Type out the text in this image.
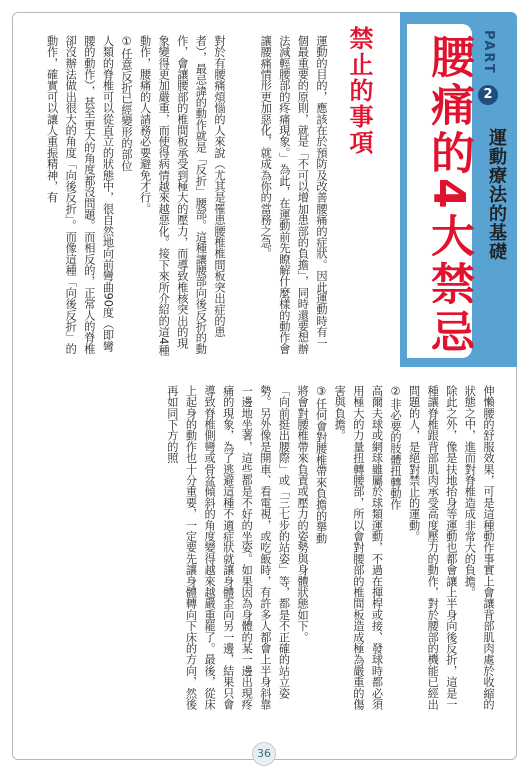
PART 2
運動療法的基礎
腰痛的4大禁忌
禁止的事項

運動的目的，應該在於預防及改善腰痛的症狀。因此運動時有一個最重要的原則，就是「不可以增加患部的負擔」，同時還要想辦法減輕腰部的疼痛現象。」為此，在運動前先瞭解什麼樣的動作會讓腰痛情形更加惡化，就成為你的當務之急。

對於有腰痛煩惱的人來說（尤其是罹患腰椎椎間板突出症的患者），最忌諱的動作就是「反折」腰部。這種讓腰部向後反折的動作，會讓腰部的椎間板承受到極大的壓力，而導致椎核突出的現象變得更加嚴重，而使得病情越來越惡化。接下來所介紹的這4種動作，腰痛的人請務必要避免才行。

①任意反折已經變形的部位

人類的脊椎可以從直立的狀態中，很自然地向前彎曲90度（即彎腰的動作），甚至更大的角度都沒問題。而相反的，正常人的脊椎卻沒辦法做出很大的角度「向後反折」。而像這種「向後反折」的動作，確實可以讓人重振精神，有

伸懶腰的舒服效果，可是這種動作事實上會讓背部肌肉處於收縮的狀態之中，進而對脊椎造成非常大的負擔。

除此之外，像是扶地抬身等運動也都會讓上半身向後反折，這是一種讓脊椎跟背部肌肉承受高度壓力的動作，對於腰部的機能已經出問題的人，是絕對禁止的運動。

②非必要的肢體扭轉動作

高爾夫球或網球雖屬於球類運動，不過在揮桿或接、發球時都必須用極大的力量扭轉腰部，所以會對腰部的椎間板造成極為嚴重的傷害與負擔。

③任何會對腰椎帶來負擔的舉動

將會對腰椎帶來負責或壓力的姿勢與身體狀態如下。

「向前挺出腰際」或「三七步的站姿」等，都是不正確的站立姿勢。另外像是開車、看電視，或吃飯時，有許多人都會上半身斜靠一邊地坐著，這些都是不好的坐姿。如果因為身體的某一邊出現疼痛的現象，為了逃避這種不適症狀就讓身體歪向另一邊，結果只會導致脊椎側彎或骨盆傾斜的角度變得越來越嚴重罷了。最後，從床上起身的動作也十分重要，一定要先讓身體轉向下床的方向，然後再如同下方的照

36
